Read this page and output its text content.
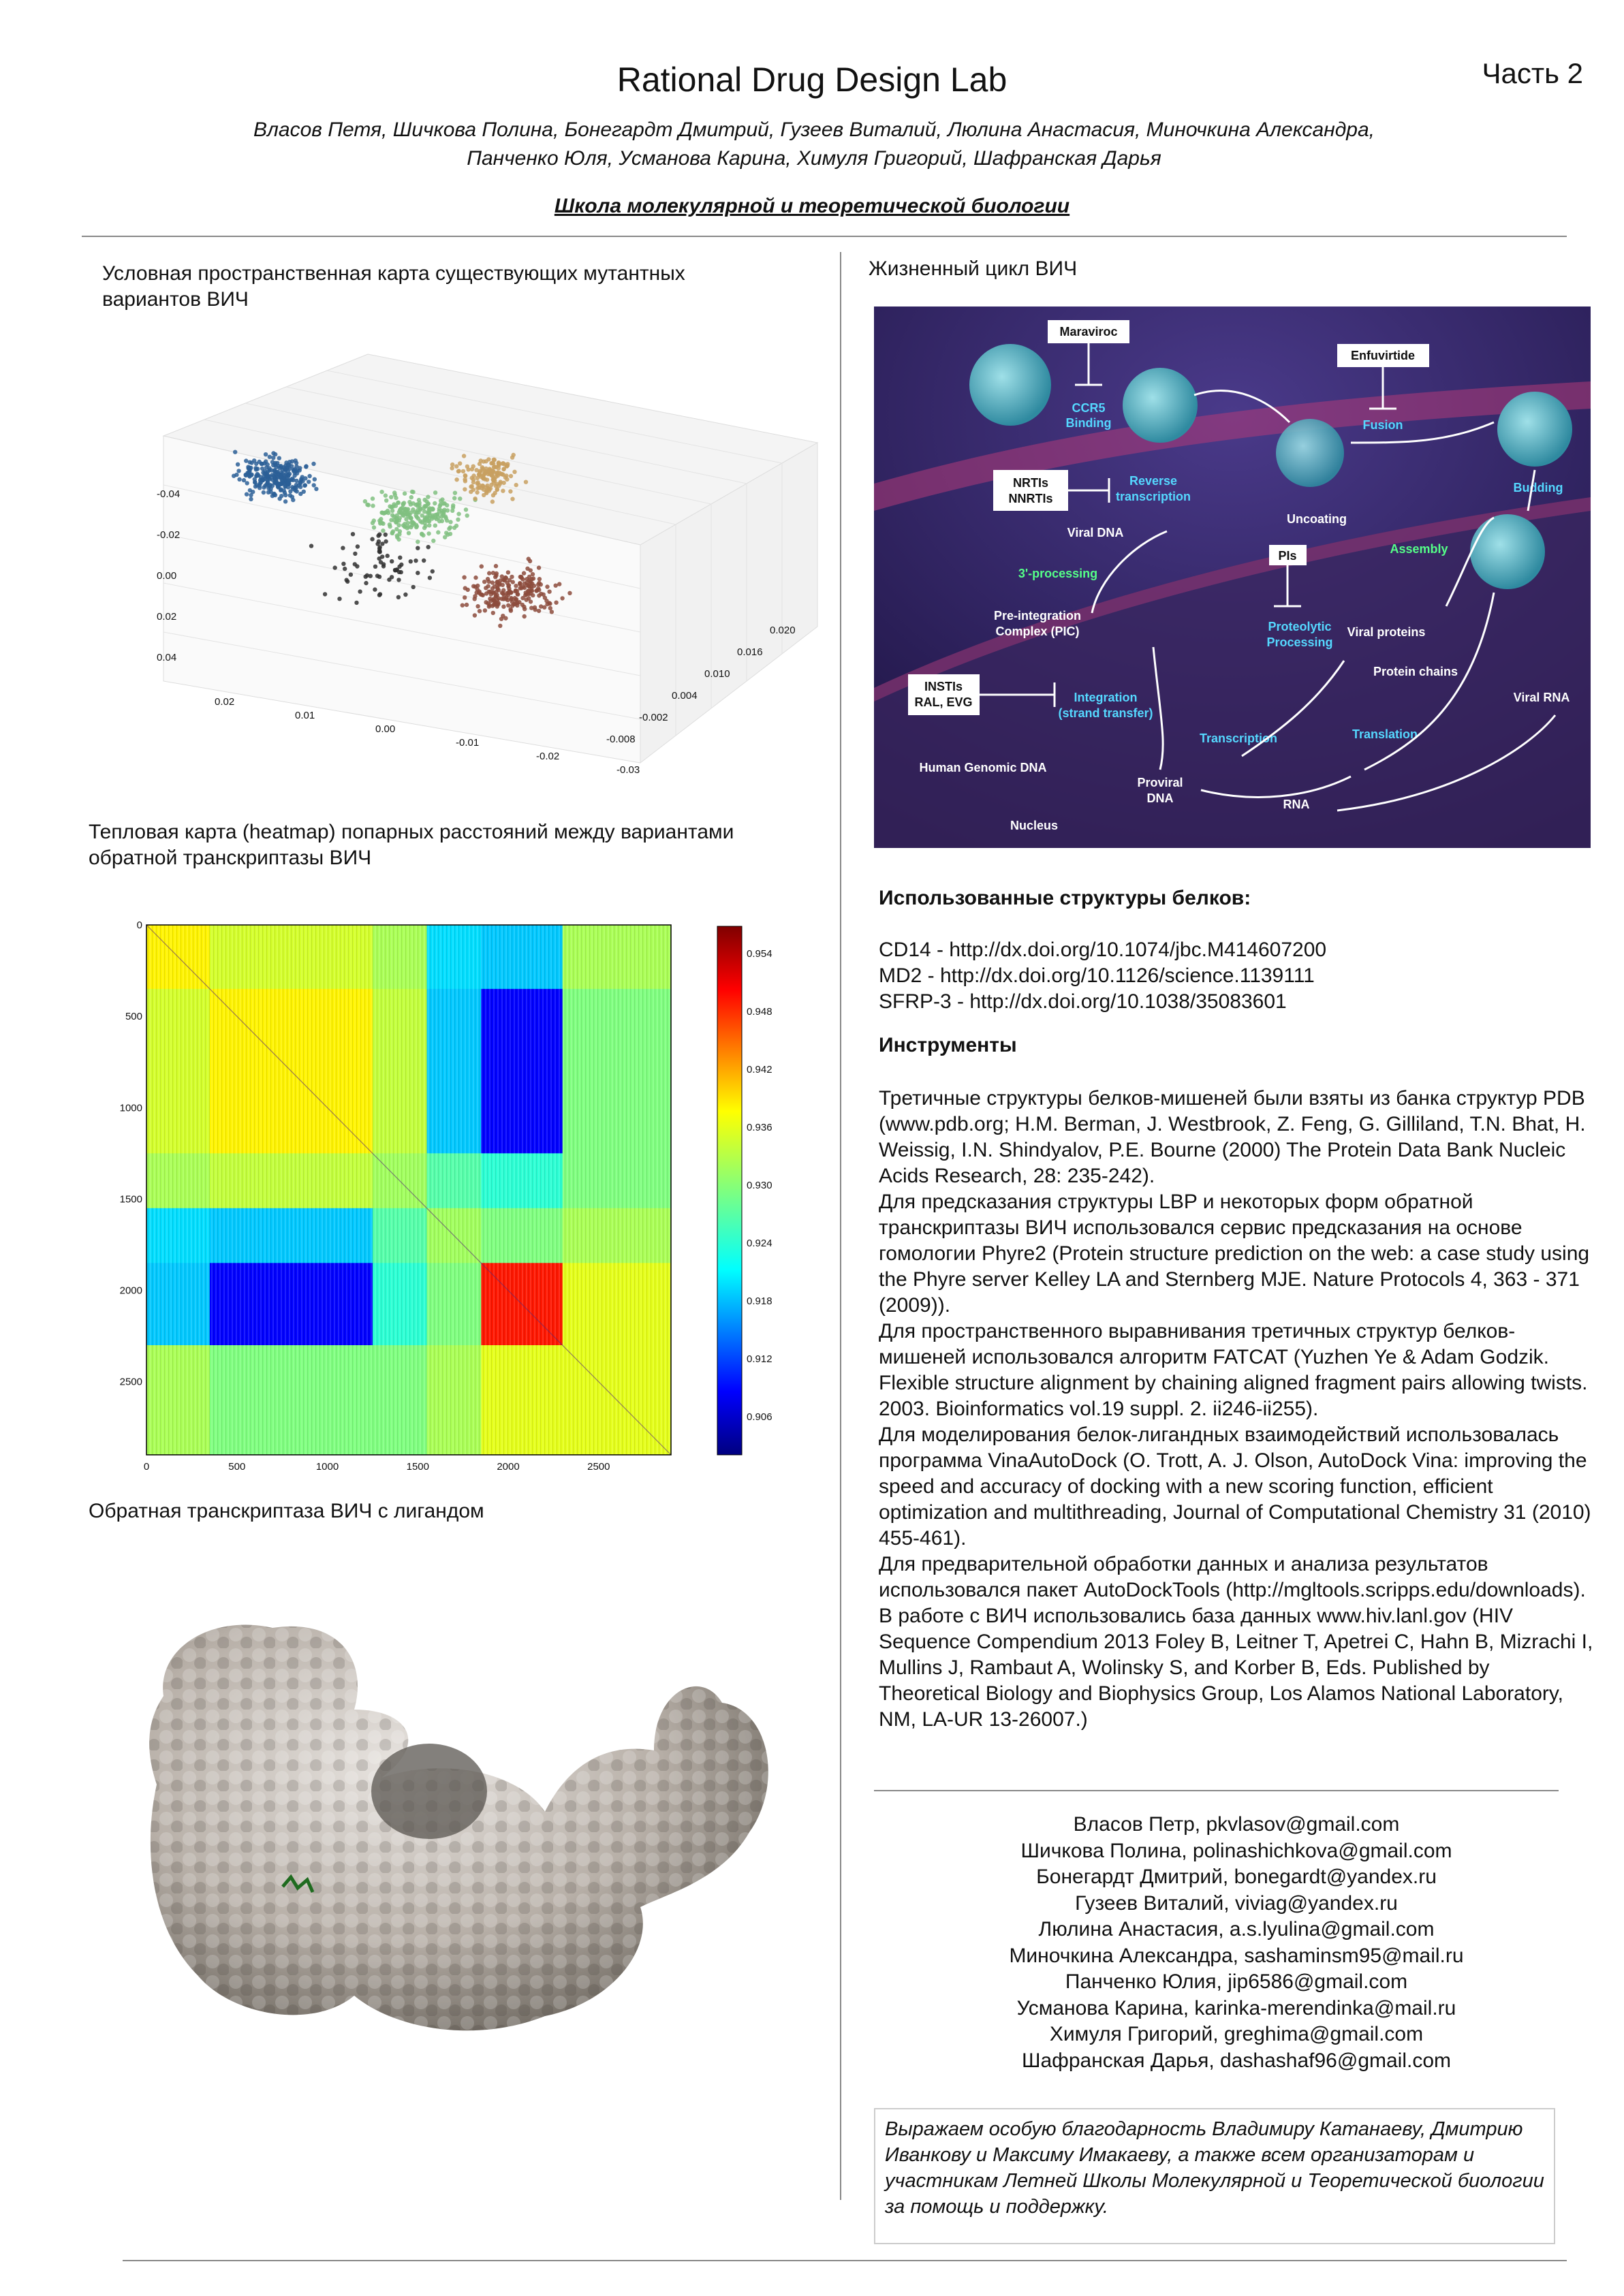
Rational Drug Design Lab	Часть 2
Власов Петя, Шичкова Полина, Бонегардт Дмитрий, Гузеев Виталий, Люлина Анастасия, Миночкина Александра,
Панченко Юля, Усманова Карина, Химуля Григорий, Шафранская Дарья
Школа молекулярной и теоретической биологии
Условная пространственная карта существующих мутантных вариантов ВИЧ
-0.04
-0.02
0.00
0.02
0.04
0.02
0.01
0.00
-0.01
-0.02
-0.03
0.020
0.016
0.010
0.004
-0.002
-0.008
Тепловая карта (heatmap) попарных расстояний между вариантами обратной транскриптазы ВИЧ
0	500	1000	1500	2000	2500
0
500
1000
1500
2000
2500
0.954
0.948
0.942
0.936
0.930
0.924
0.918
0.912
0.906
Обратная транскриптаза ВИЧ с лигандом
Жизненный цикл ВИЧ
Maraviroc
CCR5
Binding
Enfuvirtide
Fusion
NRTIs
NNRTIs
Reverse
transcription
Uncoating
Budding
Viral DNA
3'-processing
PIs	Assembly
Pre-integration
Complex (PIC)	Proteolytic
Processing
Viral proteins
Protein chains
INSTIs
RAL, EVG	Integration
(strand transfer)
Viral RNA
Transcription	Translation
Human Genomic DNA
Proviral
DNA	RNA
Nucleus
Использованные структуры белков:
CD14 - http://dx.doi.org/10.1074/jbc.M414607200
MD2 - http://dx.doi.org/10.1126/science.1139111
SFRP-3 - http://dx.doi.org/10.1038/35083601
Инструменты
Третичные структуры белков-мишеней были взяты из банка структур PDB (www.pdb.org; H.M. Berman, J. Westbrook, Z. Feng, G. Gilliland, T.N. Bhat, H. Weissig, I.N. Shindyalov, P.E. Bourne (2000) The Protein Data Bank Nucleic Acids Research, 28: 235-242).
Для предсказания структуры LBP и некоторых форм обратной транскриптазы ВИЧ использовался сервис предсказания на основе гомологии Phyre2 (Protein structure prediction on the web: a case study using the Phyre server Kelley LA and Sternberg MJE. Nature Protocols 4, 363 - 371 (2009)).
Для пространственного выравнивания третичных структур белков-мишеней использовался алгоритм FATCAT (Yuzhen Ye & Adam Godzik. Flexible structure alignment by chaining aligned fragment pairs allowing twists. 2003. Bioinformatics vol.19 suppl. 2. ii246-ii255).
Для моделирования белок-лигандных взаимодействий использовалась программа VinaAutoDock (O. Trott, A. J. Olson, AutoDock Vina: improving the speed and accuracy of docking with a new scoring function, efficient optimization and multithreading, Journal of Computational Chemistry 31 (2010) 455-461).
Для предварительной обработки данных и анализа результатов использовался пакет AutoDockTools (http://mgltools.scripps.edu/downloads).
В работе с ВИЧ использовались база данных www.hiv.lanl.gov (HIV Sequence Compendium 2013 Foley B, Leitner T, Apetrei C, Hahn B, Mizrachi I, Mullins J, Rambaut A, Wolinsky S, and Korber B, Eds. Published by Theoretical Biology and Biophysics Group, Los Alamos National Laboratory, NM, LA-UR 13-26007.)
Власов Петр, pkvlasov@gmail.com
Шичкова Полина, polinashichkova@gmail.com
Бонегардт Дмитрий, bonegardt@yandex.ru
Гузеев Виталий, viviag@yandex.ru
Люлина Анастасия, a.s.lyulina@gmail.com
Миночкина Александра, sashaminsm95@mail.ru
Панченко Юлия, jip6586@gmail.com
Усманова Карина, karinka-merendinka@mail.ru
Химуля Григорий, greghima@gmail.com
Шафранская Дарья, dashashaf96@gmail.com
Выражаем особую благодарность Владимиру Катанаеву, Дмитрию Иванкову и Максиму Имакаеву, а также всем организаторам и участникам Летней Школы Молекулярной и Теоретической биологии за помощь и поддержку.
